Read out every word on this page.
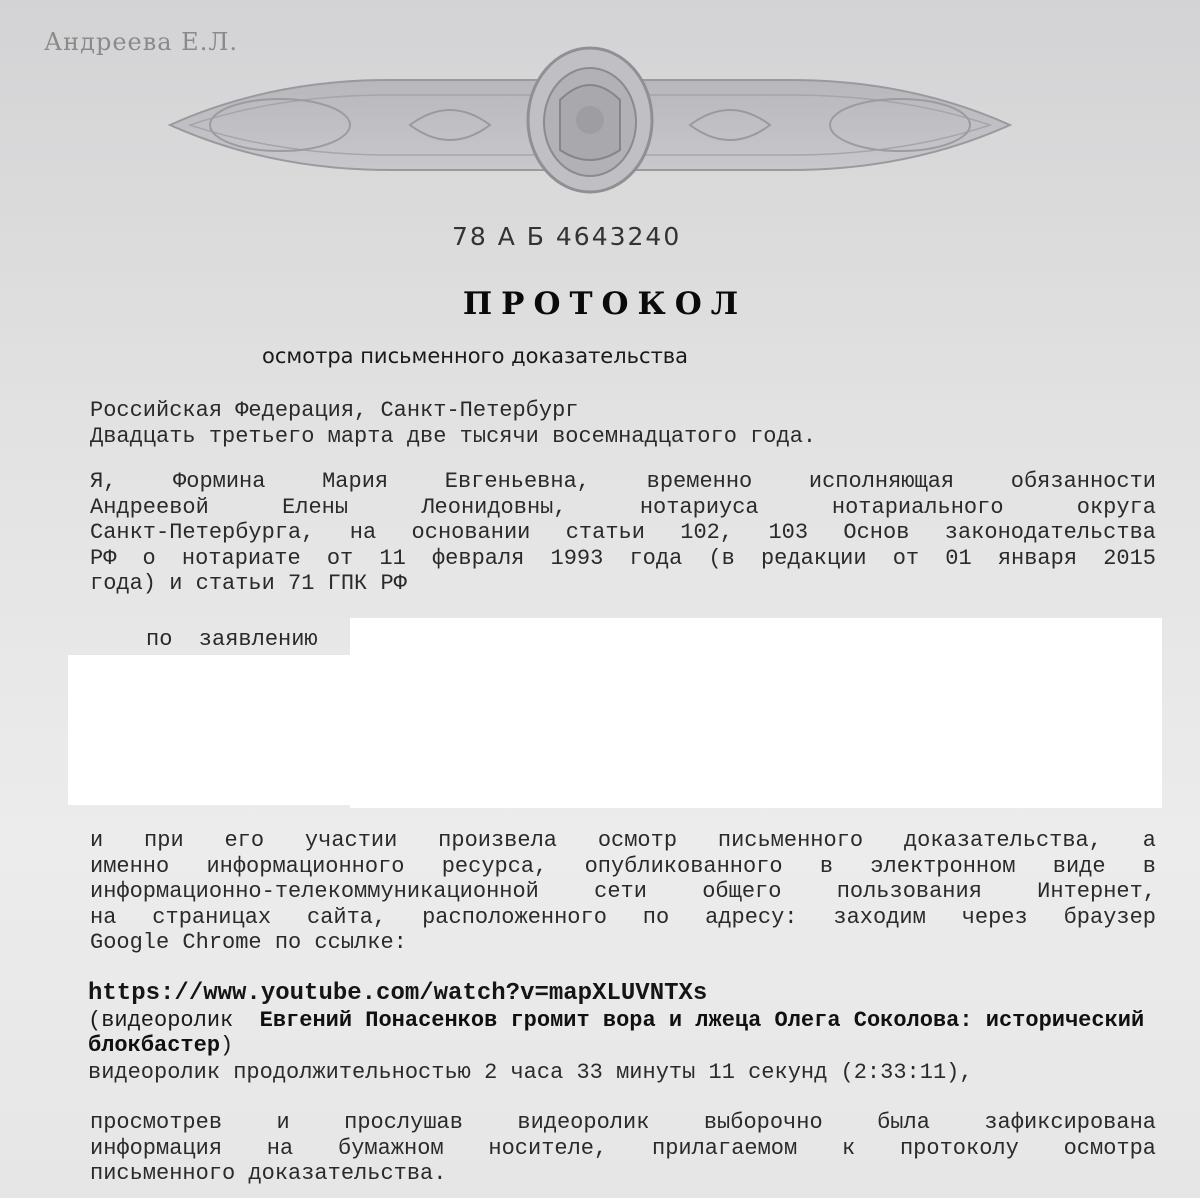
Андреева Е.Л.
78 А Б 4643240
ПРОТОКОЛ
осмотра письменного доказательства
Российская Федерация, Санкт-Петербург
Двадцать третьего марта две тысячи восемнадцатого года.
Я, Формина Мария Евгеньевна, временно исполняющая обязанности
Андреевой Елены Леонидовны, нотариуса нотариального округа
Санкт-Петербурга, на основании статьи 102, 103 Основ законодательства
РФ о нотариате от 11 февраля 1993 года (в редакции от 01 января 2015
года) и статьи 71 ГПК РФ
по  заявлению
и при его участии произвела осмотр письменного доказательства, а
именно информационного ресурса, опубликованного в электронном виде в
информационно-телекоммуникационной сети общего пользования Интернет,
на страницах сайта, расположенного по адресу: заходим через браузер
Google Chrome по ссылке:
https://www.youtube.com/watch?v=mapXLUVNTXs
(видеоролик  Евгений Понасенков громит вора и лжеца Олега Соколова: исторический блокбастер)
видеоролик продолжительностью 2 часа 33 минуты 11 секунд (2:33:11),
просмотрев и прослушав видеоролик выборочно была зафиксирована
информация на бумажном носителе, прилагаемом к протоколу осмотра
письменного доказательства.
